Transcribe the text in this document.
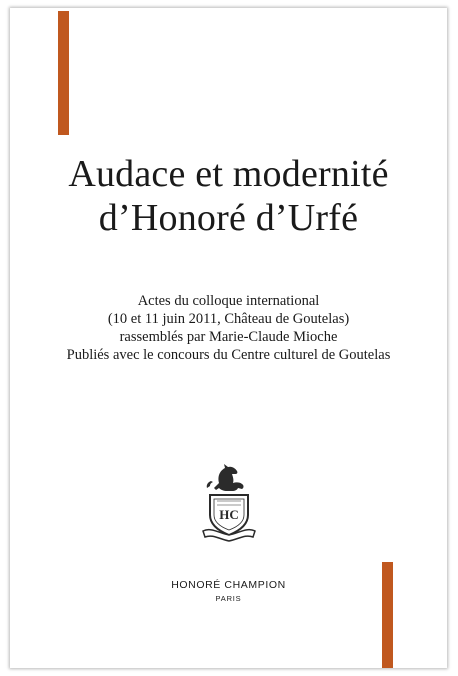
Audace et modernité
d’Honoré d’Urfé
Actes du colloque international
(10 et 11 juin 2011, Château de Goutelas)
rassemblés par Marie-Claude Mioche
Publiés avec le concours du Centre culturel de Goutelas
HC
HONORÉ CHAMPION
PARIS
